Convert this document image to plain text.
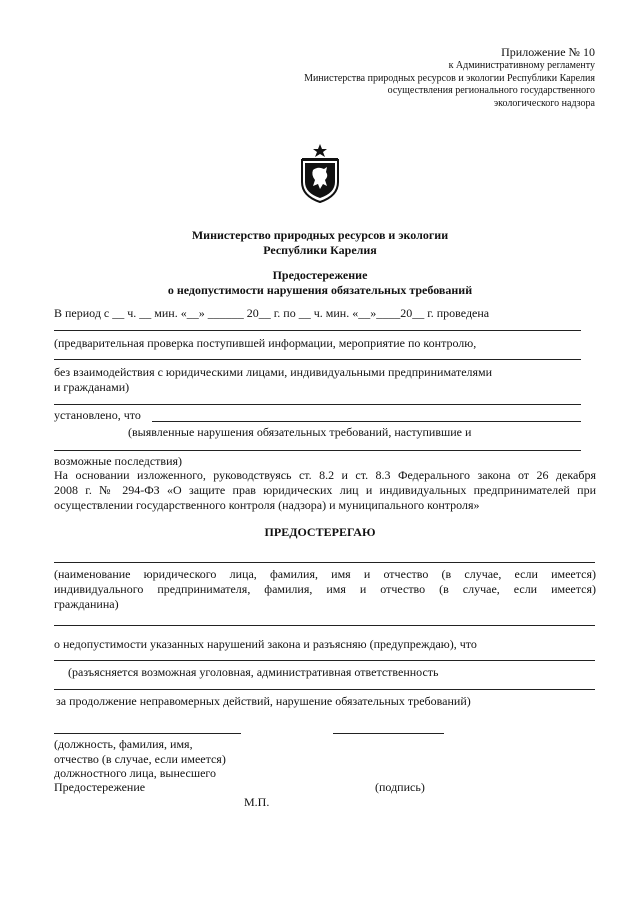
Приложение № 10
к Административному регламенту
Министерства природных ресурсов и экологии Республики Карелия
осуществления регионального государственного
экологического надзора
Министерство природных ресурсов и экологии
Республики Карелия
Предостережение
о недопустимости нарушения обязательных требований
В период с __ ч. __ мин. «__» ______ 20__ г. по __ ч. мин. «__»____20__ г. проведена
(предварительная проверка поступившей информации, мероприятие по контролю,
без взаимодействия с юридическими лицами, индивидуальными предпринимателями
и гражданами)
установлено, что
(выявленные нарушения обязательных требований, наступившие и
возможные последствия)
На основании изложенного, руководствуясь ст. 8.2 и ст. 8.3 Федерального закона от 26 декабря
2008 г. № 294-ФЗ «О защите прав юридических лиц и индивидуальных предпринимателей при
осуществлении государственного контроля (надзора) и муниципального контроля»
ПРЕДОСТЕРЕГАЮ
(наименование юридического лица, фамилия, имя и отчество (в случае, если имеется)
индивидуального предпринимателя, фамилия, имя и отчество (в случае, если имеется)
гражданина)
о недопустимости указанных нарушений закона и разъясняю (предупреждаю), что
(разъясняется возможная уголовная, административная ответственность
за продолжение неправомерных действий, нарушение обязательных требований)
(должность, фамилия, имя,
отчество (в случае, если имеется)
должностного лица, вынесшего
Предостережение	(подпись)
М.П.
